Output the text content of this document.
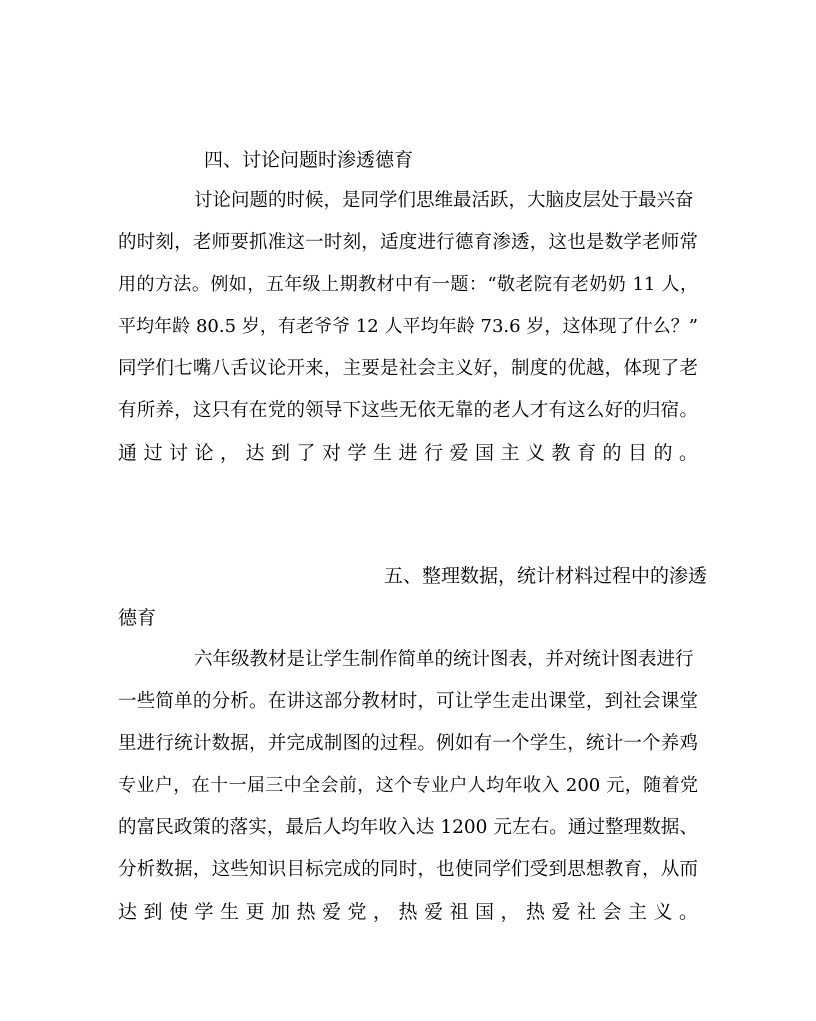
四、讨论问题时渗透德育
讨论问题的时候，是同学们思维最活跃，大脑皮层处于最兴奋
的时刻，老师要抓准这一时刻，适度进行德育渗透，这也是数学老师常
用的方法。例如，五年级上期教材中有一题：“敬老院有老奶奶 11 人，
平均年龄 80.5 岁，有老爷爷 12 人平均年龄 73.6 岁，这体现了什么？”
同学们七嘴八舌议论开来，主要是社会主义好，制度的优越，体现了老
有所养，这只有在党的领导下这些无依无靠的老人才有这么好的归宿。
通过讨论，达到了对学生进行爱国主义教育的目的。
五、整理数据，统计材料过程中的渗透
德育
六年级教材是让学生制作简单的统计图表，并对统计图表进行
一些简单的分析。在讲这部分教材时，可让学生走出课堂，到社会课堂
里进行统计数据，并完成制图的过程。例如有一个学生，统计一个养鸡
专业户，在十一届三中全会前，这个专业户人均年收入 200 元，随着党
的富民政策的落实，最后人均年收入达 1200 元左右。通过整理数据、
分析数据，这些知识目标完成的同时，也使同学们受到思想教育，从而
达到使学生更加热爱党，热爱祖国，热爱社会主义。
